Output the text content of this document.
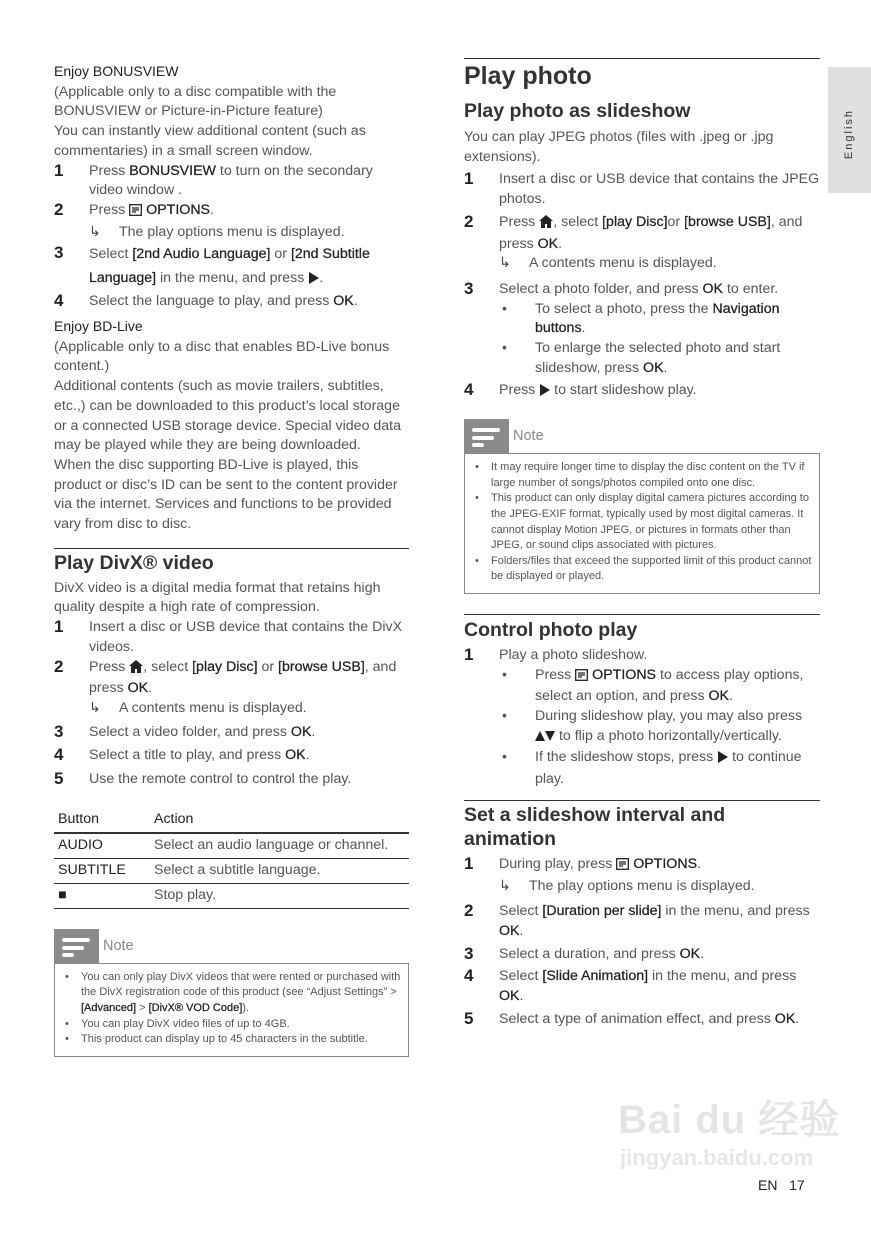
English
Enjoy BONUSVIEW
(Applicable only to a disc compatible with the BONUSVIEW or Picture-in-Picture feature)
You can instantly view additional content (such as commentaries) in a small screen window.
1 Press BONUSVIEW to turn on the secondary video window .
2 Press  OPTIONS.
↳ The play options menu is displayed.
3 Select [2nd Audio Language] or [2nd Subtitle Language] in the menu, and press .
4 Select the language to play, and press OK.
Enjoy BD-Live
(Applicable only to a disc that enables BD-Live bonus content.)
Additional contents (such as movie trailers, subtitles, etc.,) can be downloaded to this product’s local storage or a connected USB storage device. Special video data may be played while they are being downloaded.
When the disc supporting BD-Live is played, this product or disc’s ID can be sent to the content provider via the internet. Services and functions to be provided vary from disc to disc.
Play DivX® video
DivX video is a digital media format that retains high quality despite a high rate of compression.
1 Insert a disc or USB device that contains the DivX videos.
2 Press , select [play Disc] or [browse USB], and press OK.
↳ A contents menu is displayed.
3 Select a video folder, and press OK.
4 Select a title to play, and press OK.
5 Use the remote control to control the play.
Button	Action
AUDIO	Select an audio language or channel.
SUBTITLE	Select a subtitle language.
■	Stop play.
Note
• You can only play DivX videos that were rented or purchased with the DivX registration code of this product (see “Adjust Settings” > [Advanced] > [DivX® VOD Code]).
• You can play DivX video files of up to 4GB.
• This product can display up to 45 characters in the subtitle.
Play photo
Play photo as slideshow
You can play JPEG photos (files with .jpeg or .jpg extensions).
1 Insert a disc or USB device that contains the JPEG photos.
2 Press , select [play Disc]or [browse USB], and press OK.
↳ A contents menu is displayed.
3 Select a photo folder, and press OK to enter.
• To select a photo, press the Navigation buttons.
• To enlarge the selected photo and start slideshow, press OK.
4 Press  to start slideshow play.
Note
• It may require longer time to display the disc content on the TV if large number of songs/photos compiled onto one disc.
• This product can only display digital camera pictures according to the JPEG-EXIF format, typically used by most digital cameras. It cannot display Motion JPEG, or pictures in formats other than JPEG, or sound clips associated with pictures.
• Folders/files that exceed the supported limit of this product cannot be displayed or played.
Control photo play
1 Play a photo slideshow.
• Press  OPTIONS to access play options, select an option, and press OK.
• During slideshow play, you may also press  to flip a photo horizontally/vertically.
• If the slideshow stops, press  to continue play.
Set a slideshow interval and animation
1 During play, press  OPTIONS.
↳ The play options menu is displayed.
2 Select [Duration per slide] in the menu, and press OK.
3 Select a duration, and press OK.
4 Select [Slide Animation] in the menu, and press OK.
5 Select a type of animation effect, and press OK.
Bai du 经验
jingyan.baidu.com
EN 17
